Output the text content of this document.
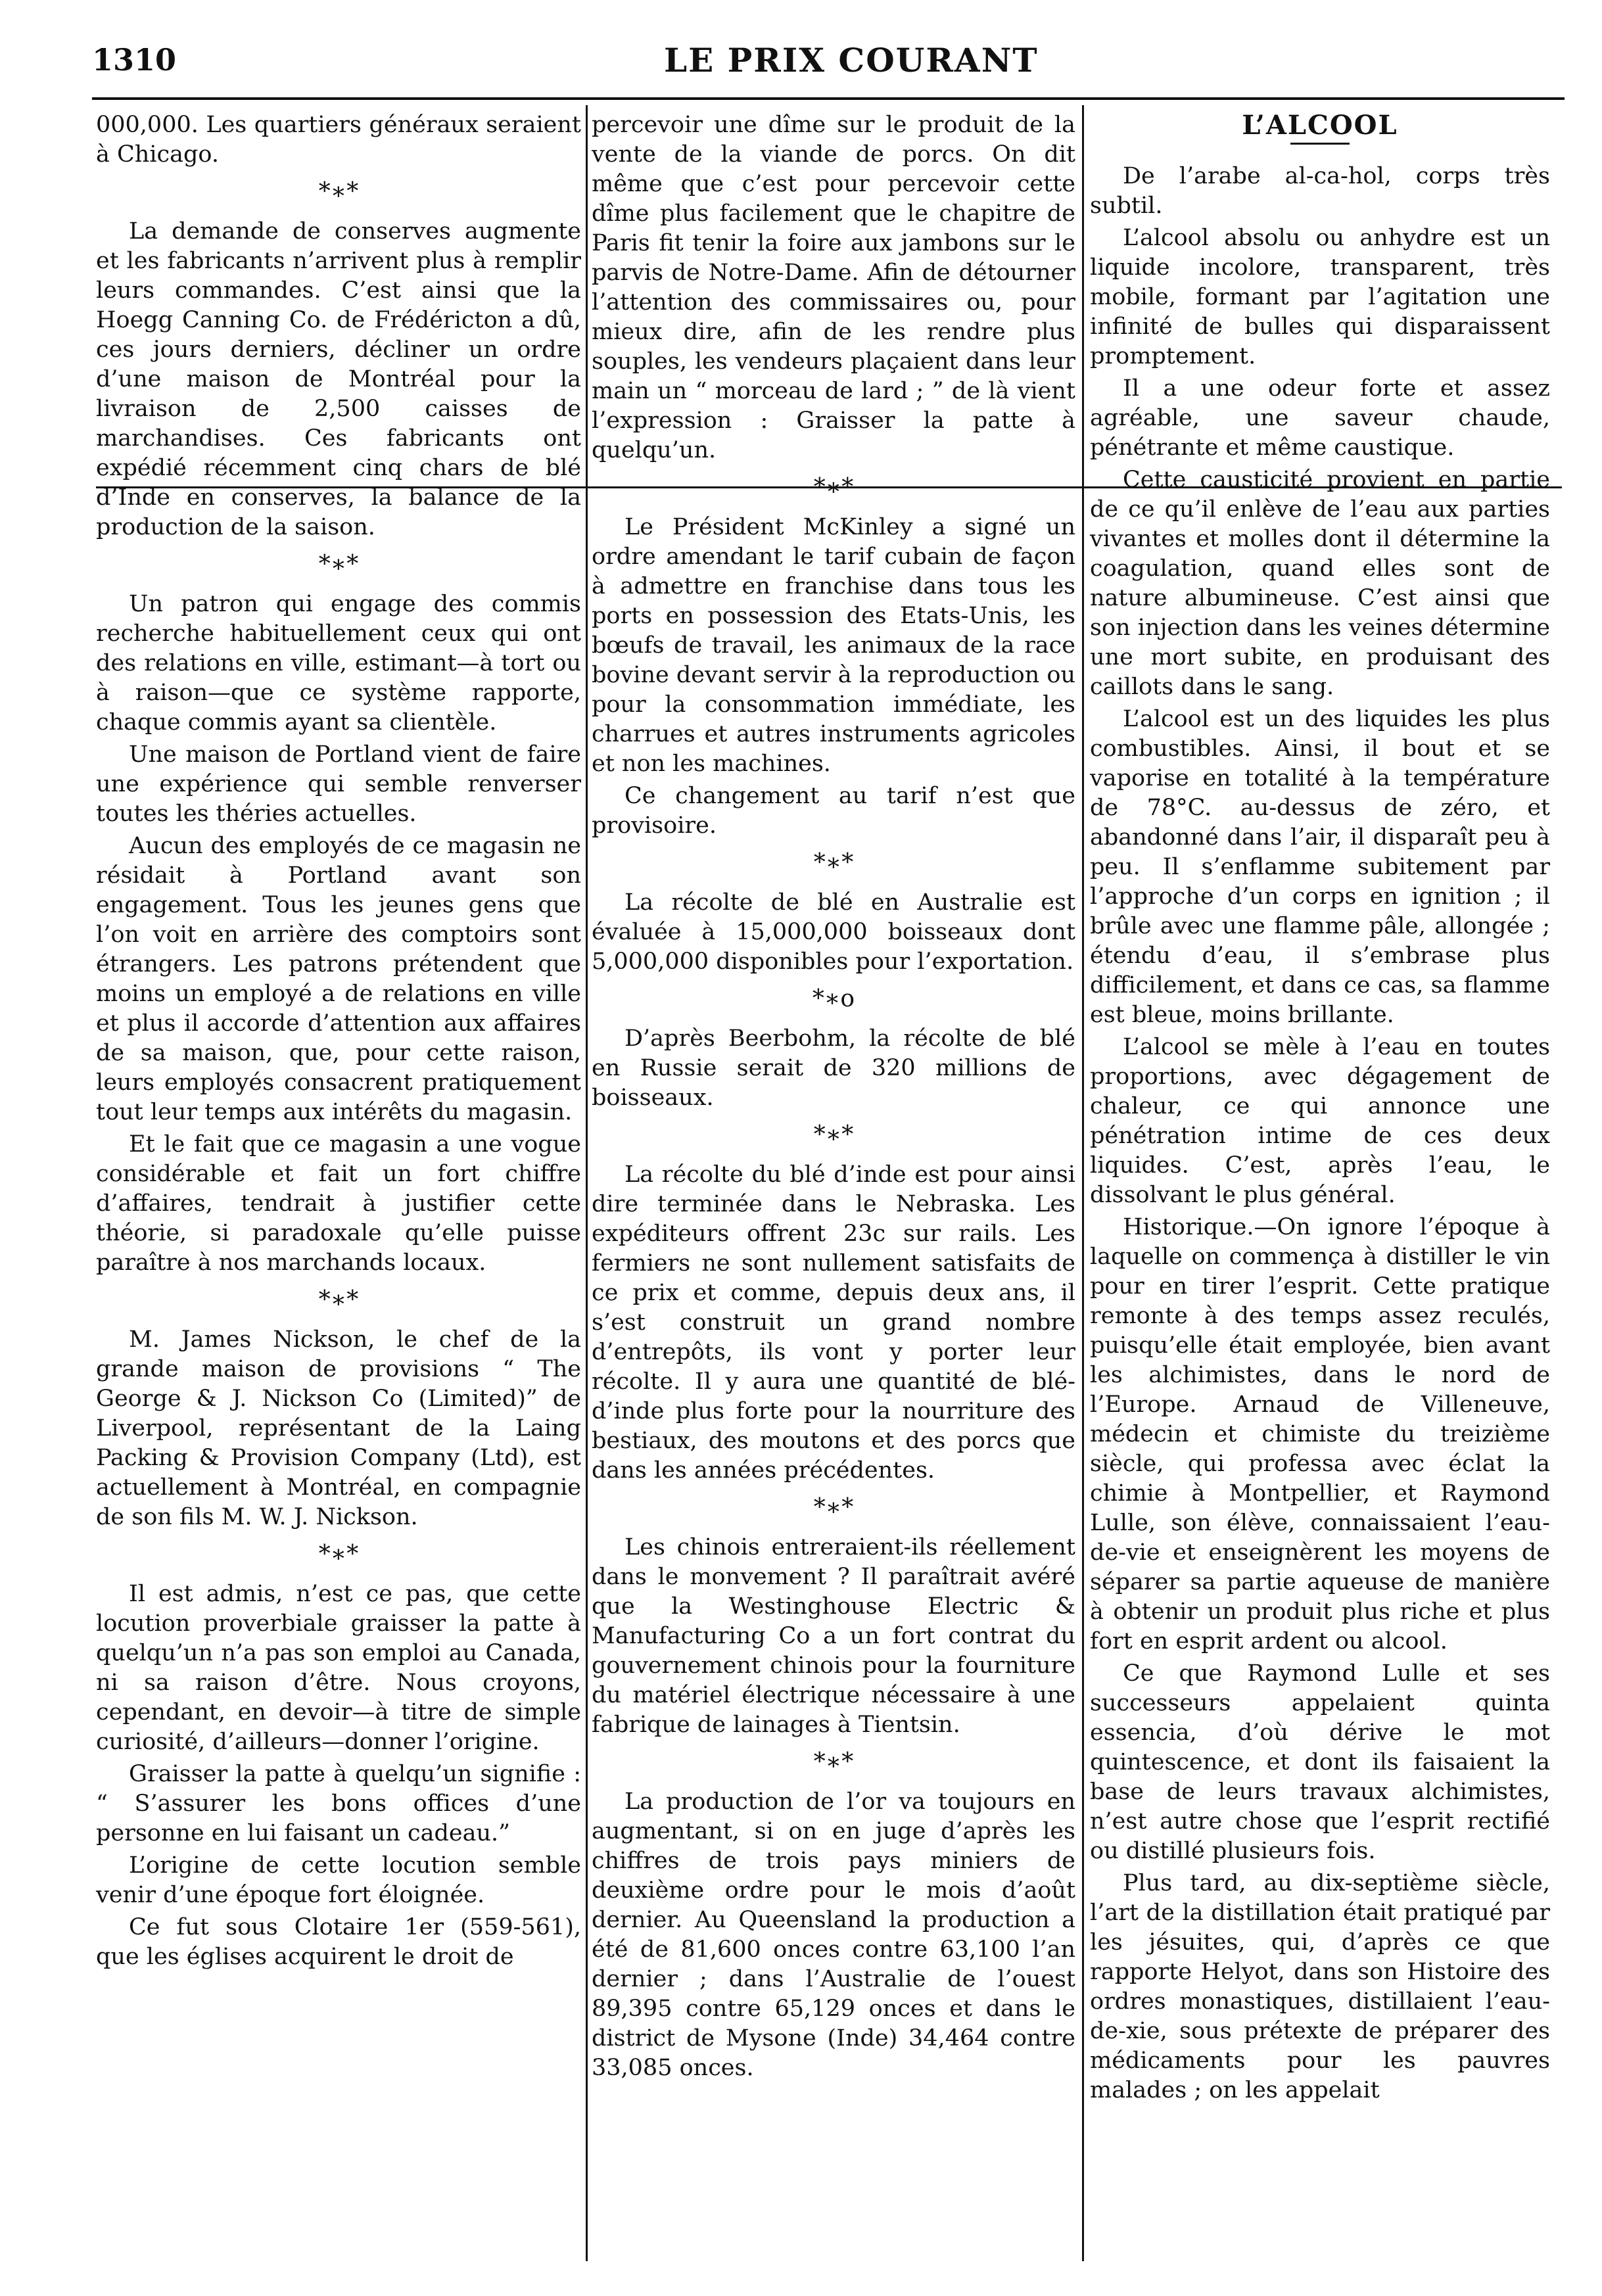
1310	LE PRIX COURANT

000,000. Les quartiers généraux seraient à Chicago.

*∗*

La demande de conserves augmente et les fabricants n’arrivent plus à remplir leurs commandes. C’est ainsi que la Hoegg Canning Co. de Frédéricton a dû, ces jours derniers, décliner un ordre d’une maison de Montréal pour la livraison de 2,500 caisses de marchandises. Ces fabricants ont expédié récemment cinq chars de blé d’Inde en conserves, la balance de la production de la saison.

*∗*

Un patron qui engage des commis recherche habituellement ceux qui ont des relations en ville, estimant—à tort ou à raison—que ce système rapporte, chaque commis ayant sa clientèle.

Une maison de Portland vient de faire une expérience qui semble renverser toutes les théries actuelles.

Aucun des employés de ce magasin ne résidait à Portland avant son engagement. Tous les jeunes gens que l’on voit en arrière des comptoirs sont étrangers. Les patrons prétendent que moins un employé a de relations en ville et plus il accorde d’attention aux affaires de sa maison, que, pour cette raison, leurs employés consacrent pratiquement tout leur temps aux intérêts du magasin.

Et le fait que ce magasin a une vogue considérable et fait un fort chiffre d’affaires, tendrait à justifier cette théorie, si paradoxale qu’elle puisse paraître à nos marchands locaux.

*∗*

M. James Nickson, le chef de la grande maison de provisions “ The George & J. Nickson Co (Limited)” de Liverpool, représentant de la Laing Packing & Provision Company (Ltd), est actuellement à Montréal, en compagnie de son fils M. W. J. Nickson.

*∗*

Il est admis, n’est ce pas, que cette locution proverbiale graisser la patte à quelqu’un n’a pas son emploi au Canada, ni sa raison d’être. Nous croyons, cependant, en devoir—à titre de simple curiosité, d’ailleurs—donner l’origine.

Graisser la patte à quelqu’un signifie : “ S’assurer les bons offices d’une personne en lui faisant un cadeau.”

L’origine de cette locution semble venir d’une époque fort éloignée.

Ce fut sous Clotaire 1er (559-561), que les églises acquirent le droit de

percevoir une dîme sur le produit de la vente de la viande de porcs. On dit même que c’est pour percevoir cette dîme plus facilement que le chapitre de Paris fit tenir la foire aux jambons sur le parvis de Notre-Dame. Afin de détourner l’attention des commissaires ou, pour mieux dire, afin de les rendre plus souples, les vendeurs plaçaient dans leur main un “ morceau de lard ; ” de là vient l’expression : Graisser la patte à quelqu’un.

*∗*

Le Président McKinley a signé un ordre amendant le tarif cubain de façon à admettre en franchise dans tous les ports en possession des Etats-Unis, les bœufs de travail, les animaux de la race bovine devant servir à la reproduction ou pour la consommation immédiate, les charrues et autres instruments agricoles et non les machines.

Ce changement au tarif n’est que provisoire.

*∗*

La récolte de blé en Australie est évaluée à 15,000,000 boisseaux dont 5,000,000 disponibles pour l’exportation.

*∗o

D’après Beerbohm, la récolte de blé en Russie serait de 320 millions de boisseaux.

*∗*

La récolte du blé d’inde est pour ainsi dire terminée dans le Nebraska. Les expéditeurs offrent 23c sur rails. Les fermiers ne sont nullement satisfaits de ce prix et comme, depuis deux ans, il s’est construit un grand nombre d’entrepôts, ils vont y porter leur récolte. Il y aura une quantité de blé-d’inde plus forte pour la nourriture des bestiaux, des moutons et des porcs que dans les années précédentes.

*∗*

Les chinois entreraient-ils réellement dans le monvement ? Il paraîtrait avéré que la Westinghouse Electric & Manufacturing Co a un fort contrat du gouvernement chinois pour la fourniture du matériel électrique nécessaire à une fabrique de lainages à Tientsin.

*∗*

La production de l’or va toujours en augmentant, si on en juge d’après les chiffres de trois pays miniers de deuxième ordre pour le mois d’août dernier. Au Queensland la production a été de 81,600 onces contre 63,100 l’an dernier ; dans l’Australie de l’ouest 89,395 contre 65,129 onces et dans le district de Mysone (Inde) 34,464 contre 33,085 onces.

L’ALCOOL

De l’arabe al-ca-hol, corps très subtil.

L’alcool absolu ou anhydre est un liquide incolore, transparent, très mobile, formant par l’agitation une infinité de bulles qui disparaissent promptement.

Il a une odeur forte et assez agréable, une saveur chaude, pénétrante et même caustique.

Cette causticité provient en partie de ce qu’il enlève de l’eau aux parties vivantes et molles dont il détermine la coagulation, quand elles sont de nature albumineuse. C’est ainsi que son injection dans les veines détermine une mort subite, en produisant des caillots dans le sang.

L’alcool est un des liquides les plus combustibles. Ainsi, il bout et se vaporise en totalité à la température de 78°C. au-dessus de zéro, et abandonné dans l’air, il disparaît peu à peu. Il s’enflamme subitement par l’approche d’un corps en ignition ; il brûle avec une flamme pâle, allongée ; étendu d’eau, il s’embrase plus difficilement, et dans ce cas, sa flamme est bleue, moins brillante.

L’alcool se mèle à l’eau en toutes proportions, avec dégagement de chaleur, ce qui annonce une pénétration intime de ces deux liquides. C’est, après l’eau, le dissolvant le plus général.

Historique.—On ignore l’époque à laquelle on commença à distiller le vin pour en tirer l’esprit. Cette pratique remonte à des temps assez reculés, puisqu’elle était employée, bien avant les alchimistes, dans le nord de l’Europe. Arnaud de Villeneuve, médecin et chimiste du treizième siècle, qui professa avec éclat la chimie à Montpellier, et Raymond Lulle, son élève, connaissaient l’eau-de-vie et enseignèrent les moyens de séparer sa partie aqueuse de manière à obtenir un produit plus riche et plus fort en esprit ardent ou alcool.

Ce que Raymond Lulle et ses successeurs appelaient quinta essencia, d’où dérive le mot quintescence, et dont ils faisaient la base de leurs travaux alchimistes, n’est autre chose que l’esprit rectifié ou distillé plusieurs fois.

Plus tard, au dix-septième siècle, l’art de la distillation était pratiqué par les jésuites, qui, d’après ce que rapporte Helyot, dans son Histoire des ordres monastiques, distillaient l’eau-de-xie, sous prétexte de préparer des médicaments pour les pauvres malades ; on les appelait
